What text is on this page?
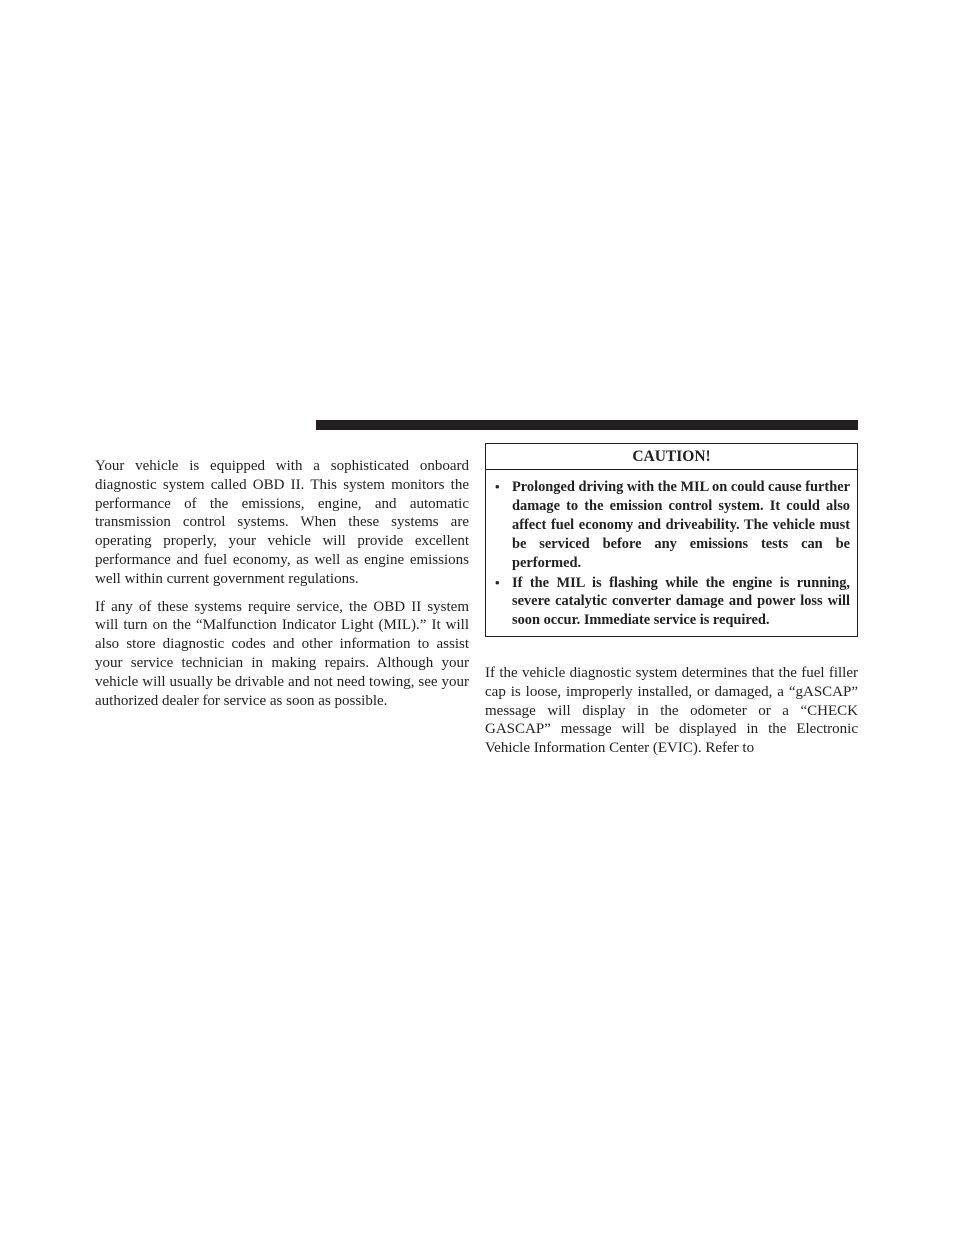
Your vehicle is equipped with a sophisticated onboard diagnostic system called OBD II. This system monitors the performance of the emissions, engine, and automatic transmission control systems. When these systems are operating properly, your vehicle will provide excellent performance and fuel economy, as well as engine emissions well within current government regulations.

If any of these systems require service, the OBD II system will turn on the “Malfunction Indicator Light (MIL).” It will also store diagnostic codes and other information to assist your service technician in making repairs. Although your vehicle will usually be drivable and not need towing, see your authorized dealer for service as soon as possible.

CAUTION!
• Prolonged driving with the MIL on could cause further damage to the emission control system. It could also affect fuel economy and driveability. The vehicle must be serviced before any emissions tests can be performed.
• If the MIL is flashing while the engine is running, severe catalytic converter damage and power loss will soon occur. Immediate service is required.

If the vehicle diagnostic system determines that the fuel filler cap is loose, improperly installed, or damaged, a “gASCAP” message will display in the odometer or a “CHECK GASCAP” message will be displayed in the Electronic Vehicle Information Center (EVIC). Refer to
